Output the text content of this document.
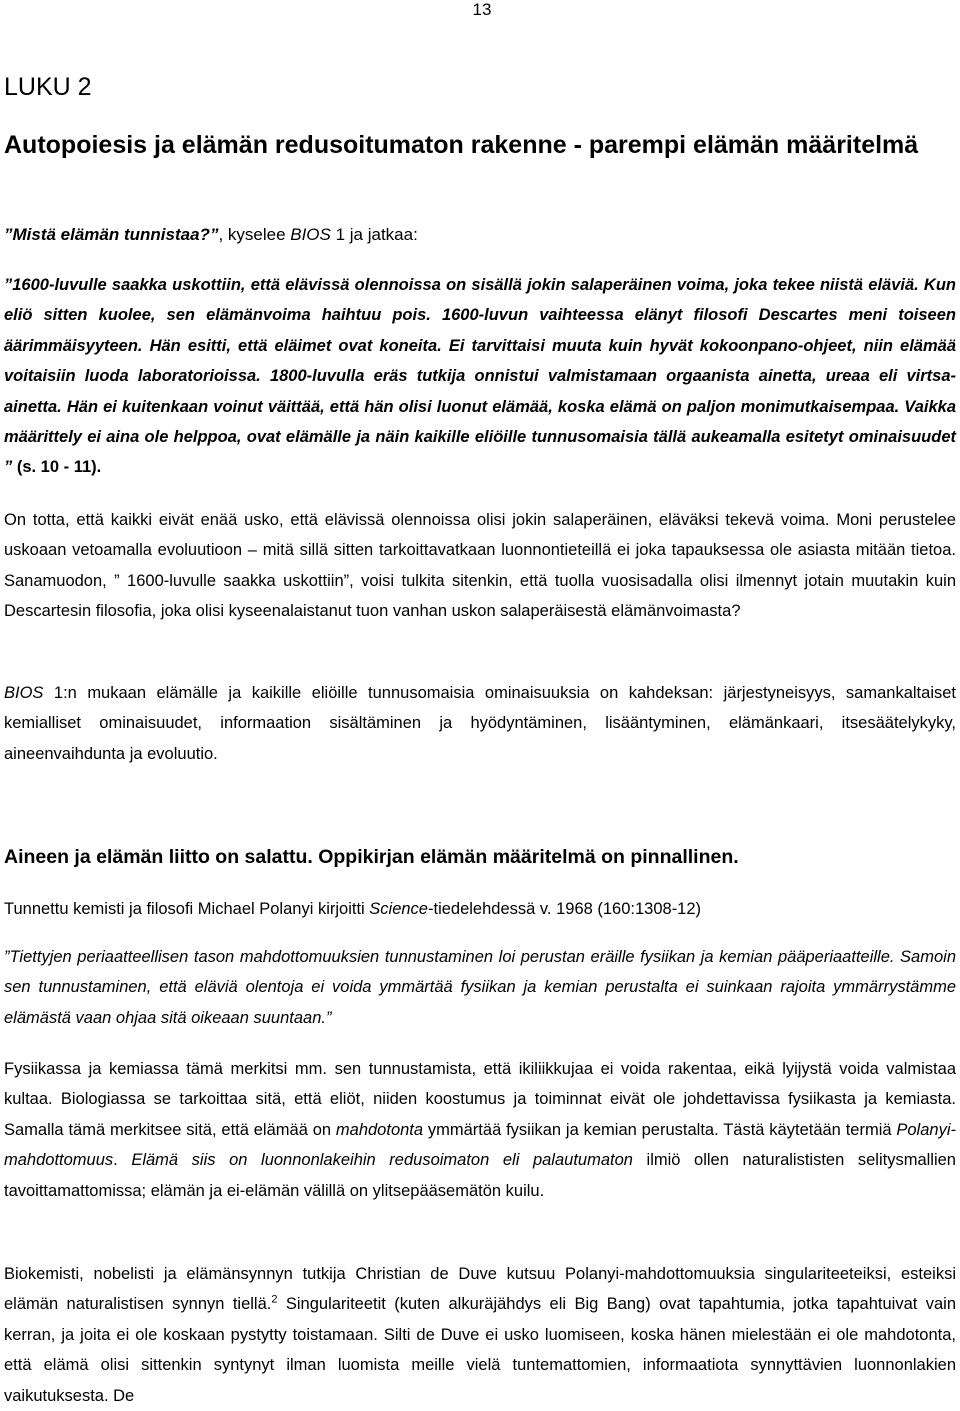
13
LUKU 2
Autopoiesis ja elämän redusoitumaton rakenne - parempi elämän määritelmä
”Mistä elämän tunnistaa?”, kyselee BIOS 1 ja jatkaa:

”1600-luvulle saakka uskottiin, että elävissä olennoissa on sisällä jokin salaperäinen voima, joka tekee niistä eläviä. Kun eliö sitten kuolee, sen elämänvoima haihtuu pois. 1600-luvun vaihteessa elänyt filosofi Descartes meni toiseen äärimmäisyyteen. Hän esitti, että eläimet ovat koneita. Ei tarvittaisi muuta kuin hyvät kokoonpano-ohjeet, niin elämää voitaisiin luoda laboratorioissa. 1800-luvulla eräs tutkija onnistui valmistamaan orgaanista ainetta, ureaa eli virtsa-ainetta. Hän ei kuitenkaan voinut väittää, että hän olisi luonut elämää, koska elämä on paljon monimutkaisempaa. Vaikka määrittely ei aina ole helppoa, ovat elämälle ja näin kaikille eliöille tunnusomaisia tällä aukeamalla esitetyt ominaisuudet ” (s. 10 - 11).

On totta, että kaikki eivät enää usko, että elävissä olennoissa olisi jokin salaperäinen, eläväksi tekevä voima. Moni perustelee uskoaan vetoamalla evoluutioon – mitä sillä sitten tarkoittavatkaan luonnontieteillä ei joka tapauksessa ole asiasta mitään tietoa. Sanamuodon, ” 1600-luvulle saakka uskottiin”, voisi tulkita sitenkin, että tuolla vuosisadalla olisi ilmennyt jotain muutakin kuin Descartesin filosofia, joka olisi kyseenalaistanut tuon vanhan uskon salaperäisestä elämänvoimasta?

BIOS 1:n mukaan elämälle ja kaikille eliöille tunnusomaisia ominaisuuksia on kahdeksan: järjestyneisyys, samankaltaiset kemialliset ominaisuudet, informaation sisältäminen ja hyödyntäminen, lisääntyminen, elämänkaari, itsesäätelykyky, aineenvaihdunta ja evoluutio.

Aineen ja elämän liitto on salattu. Oppikirjan elämän määritelmä on pinnallinen.

Tunnettu kemisti ja filosofi Michael Polanyi kirjoitti Science-tiedelehdessä v. 1968 (160:1308-12)

”Tiettyjen periaatteellisen tason mahdottomuuksien tunnustaminen loi perustan eräille fysiikan ja kemian pääperiaatteille. Samoin sen tunnustaminen, että eläviä olentoja ei voida ymmärtää fysiikan ja kemian perustalta ei suinkaan rajoita ymmärrystämme elämästä vaan ohjaa sitä oikeaan suuntaan.”

Fysiikassa ja kemiassa tämä merkitsi mm. sen tunnustamista, että ikiliikkujaa ei voida rakentaa, eikä lyijystä voida valmistaa kultaa. Biologiassa se tarkoittaa sitä, että eliöt, niiden koostumus ja toiminnat eivät ole johdettavissa fysiikasta ja kemiasta. Samalla tämä merkitsee sitä, että elämää on mahdotonta ymmärtää fysiikan ja kemian perustalta. Tästä käytetään termiä Polanyi-mahdottomuus. Elämä siis on luonnonlakeihin redusoimaton eli palautumaton ilmiö ollen naturalististen selitysmallien tavoittamattomissa; elämän ja ei-elämän välillä on ylitsepääsemätön kuilu.

Biokemisti, nobelisti ja elämänsynnyn tutkija Christian de Duve kutsuu Polanyi-mahdottomuuksia singulariteeteiksi, esteiksi elämän naturalistisen synnyn tiellä.$^2$ Singulariteetit (kuten alkuräjähdys eli Big Bang) ovat tapahtumia, jotka tapahtuivat vain kerran, ja joita ei ole koskaan pystytty toistamaan. Silti de Duve ei usko luomiseen, koska hänen mielestään ei ole mahdotonta, että elämä olisi sittenkin syntynyt ilman luomista meille vielä tuntemattomien, informaatiota synnyttävien luonnonlakien vaikutuksesta. De
